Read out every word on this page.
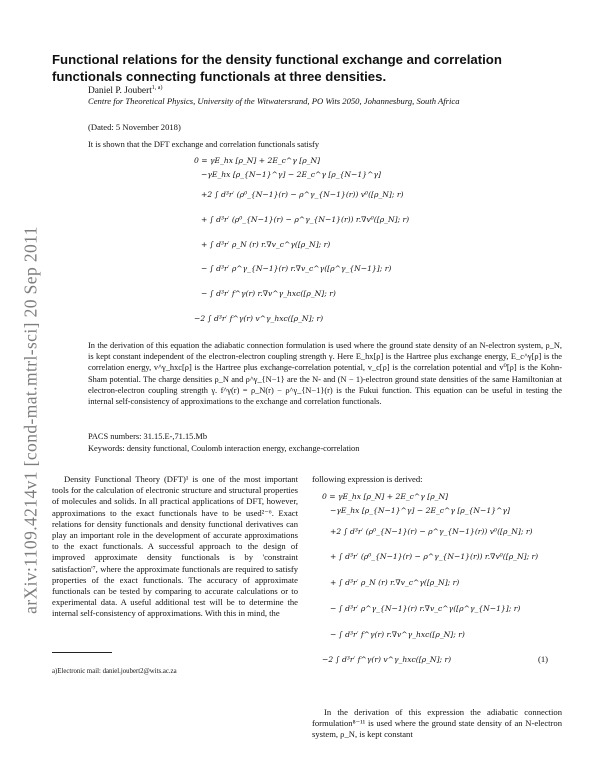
arXiv:1109.4214v1 [cond-mat.mtrl-sci] 20 Sep 2011
Functional relations for the density functional exchange and correlation functionals connecting functionals at three densities.
Daniel P. Joubert$^{1, a)}$
Centre for Theoretical Physics, University of the Witwatersrand, PO Wits 2050, Johannesburg, South Africa
(Dated: 5 November 2018)
It is shown that the DFT exchange and correlation functionals satisfy
0 = γE_hx [ρ_N] + 2E_c^γ [ρ_N]
−γE_hx [ρ_{N−1}^γ] − 2E_c^γ [ρ_{N−1}^γ]
+2 ∫ d³r′ (ρ⁰_{N−1}(r) − ρ^γ_{N−1}(r)) v⁰([ρ_N]; r)
+ ∫ d³r′ (ρ⁰_{N−1}(r) − ρ^γ_{N−1}(r)) r.∇v⁰([ρ_N]; r)
+ ∫ d³r′ ρ_N (r) r.∇v_c^γ([ρ_N]; r)
− ∫ d³r′ ρ^γ_{N−1}(r) r.∇v_c^γ([ρ^γ_{N−1}]; r)
− ∫ d³r′ f^γ(r) r.∇v^γ_hxc([ρ_N]; r)
−2 ∫ d³r′ f^γ(r) v^γ_hxc([ρ_N]; r)

In the derivation of this equation the adiabatic connection formulation is used where the ground state density of an N-electron system, ρ_N, is kept constant independent of the electron-electron coupling strength γ. Here E_hx[ρ] is the Hartree plus exchange energy, E_c^γ[ρ] is the correlation energy, v^γ_hxc[ρ] is the Hartree plus exchange-correlation potential, v_c[ρ] is the correlation potential and v⁰[ρ] is the Kohn-Sham potential. The charge densities ρ_N and ρ^γ_{N−1} are the N- and (N − 1)-electron ground state densities of the same Hamiltonian at electron-electron coupling strength γ. f^γ(r) = ρ_N(r) − ρ^γ_{N−1}(r) is the Fukui function. This equation can be useful in testing the internal self-consistency of approximations to the exchange and correlation functionals.

PACS numbers: 31.15.E-,71.15.Mb
Keywords: density functional, Coulomb interaction energy, exchange-correlation

Density Functional Theory (DFT)¹ is one of the most important tools for the calculation of electronic structure and structural properties of molecules and solids. In all practical applications of DFT, however, approximations to the exact functionals have to be used²⁻⁶. Exact relations for density functionals and density functional derivatives can play an important role in the development of accurate approximations to the exact functionals. A successful approach to the design of improved approximate density functionals is by 'constraint satisfaction'⁷, where the approximate functionals are required to satisfy properties of the exact functionals. The accuracy of approximate functionals can be tested by comparing to accurate calculations or to experimental data. A useful additional test will be to determine the internal self-consistency of approximations. With this in mind, the

following expression is derived:

0 = γE_hx [ρ_N] + 2E_c^γ [ρ_N]
−γE_hx [ρ_{N−1}^γ] − 2E_c^γ [ρ_{N−1}^γ]
+2 ∫ d³r′ (ρ⁰_{N−1}(r) − ρ^γ_{N−1}(r)) v⁰([ρ_N]; r)
+ ∫ d³r′ (ρ⁰_{N−1}(r) − ρ^γ_{N−1}(r)) r.∇v⁰([ρ_N]; r)
+ ∫ d³r′ ρ_N (r) r.∇v_c^γ([ρ_N]; r)
− ∫ d³r′ ρ^γ_{N−1}(r) r.∇v_c^γ([ρ^γ_{N−1}]; r)
− ∫ d³r′ f^γ(r) r.∇v^γ_hxc([ρ_N]; r)
−2 ∫ d³r′ f^γ(r) v^γ_hxc([ρ_N]; r)	(1)

In the derivation of this expression the adiabatic connection formulation⁸⁻¹¹ is used where the ground state density of an N-electron system, ρ_N, is kept constant

a)Electronic mail: daniel.joubert2@wits.ac.za
